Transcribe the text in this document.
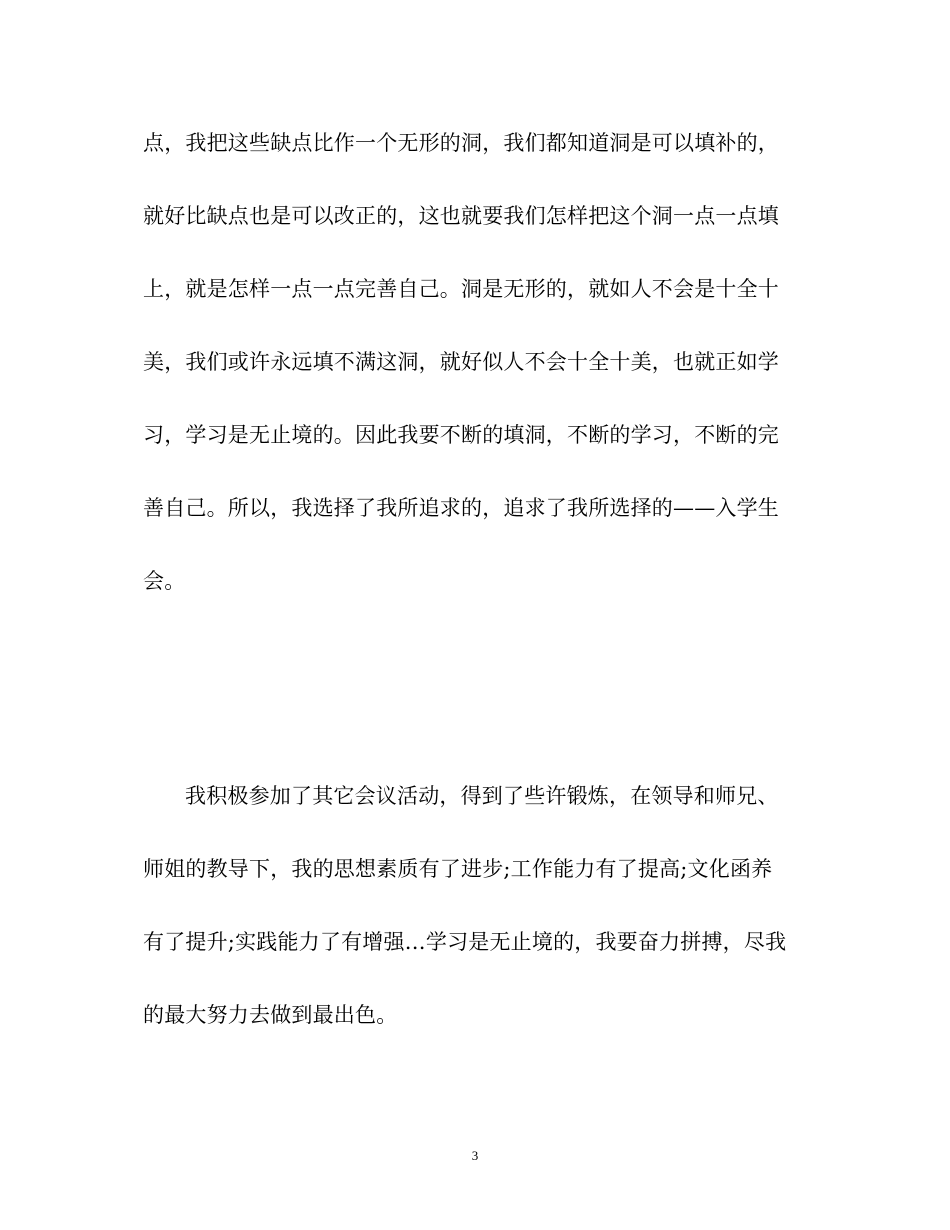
点，我把这些缺点比作一个无形的洞，我们都知道洞是可以填补的，
就好比缺点也是可以改正的，这也就要我们怎样把这个洞一点一点填
上，就是怎样一点一点完善自己。洞是无形的，就如人不会是十全十
美，我们或许永远填不满这洞，就好似人不会十全十美，也就正如学
习，学习是无止境的。因此我要不断的填洞，不断的学习，不断的完
善自己。所以，我选择了我所追求的，追求了我所选择的——入学生
会。
我积极参加了其它会议活动，得到了些许锻炼，在领导和师兄、
师姐的教导下，我的思想素质有了进步;工作能力有了提高;文化函养
有了提升;实践能力了有增强…学习是无止境的，我要奋力拼搏，尽我
的最大努力去做到最出色。
3
